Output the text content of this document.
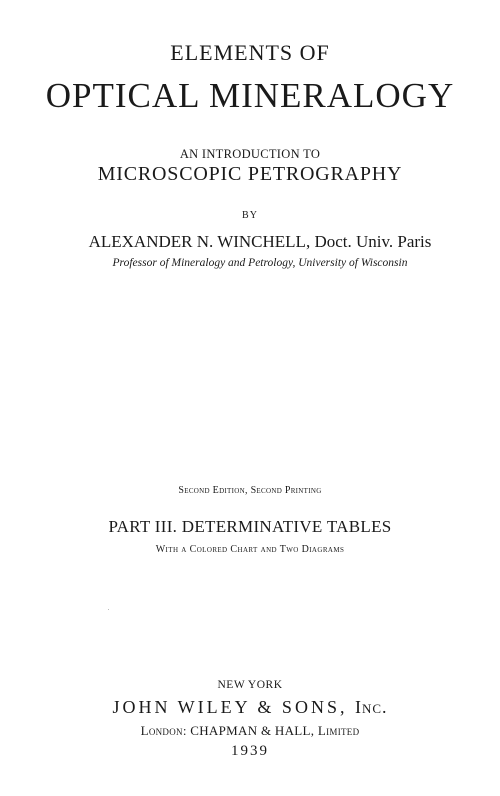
ELEMENTS OF
OPTICAL MINERALOGY
AN INTRODUCTION TO
MICROSCOPIC PETROGRAPHY
BY
ALEXANDER N. WINCHELL, Doct. Univ. Paris
Professor of Mineralogy and Petrology, University of Wisconsin
Second Edition, Second Printing
PART III. DETERMINATIVE TABLES
With a Colored Chart and Two Diagrams
NEW YORK
JOHN WILEY & SONS, Inc.
London: CHAPMAN & HALL, Limited
1939
